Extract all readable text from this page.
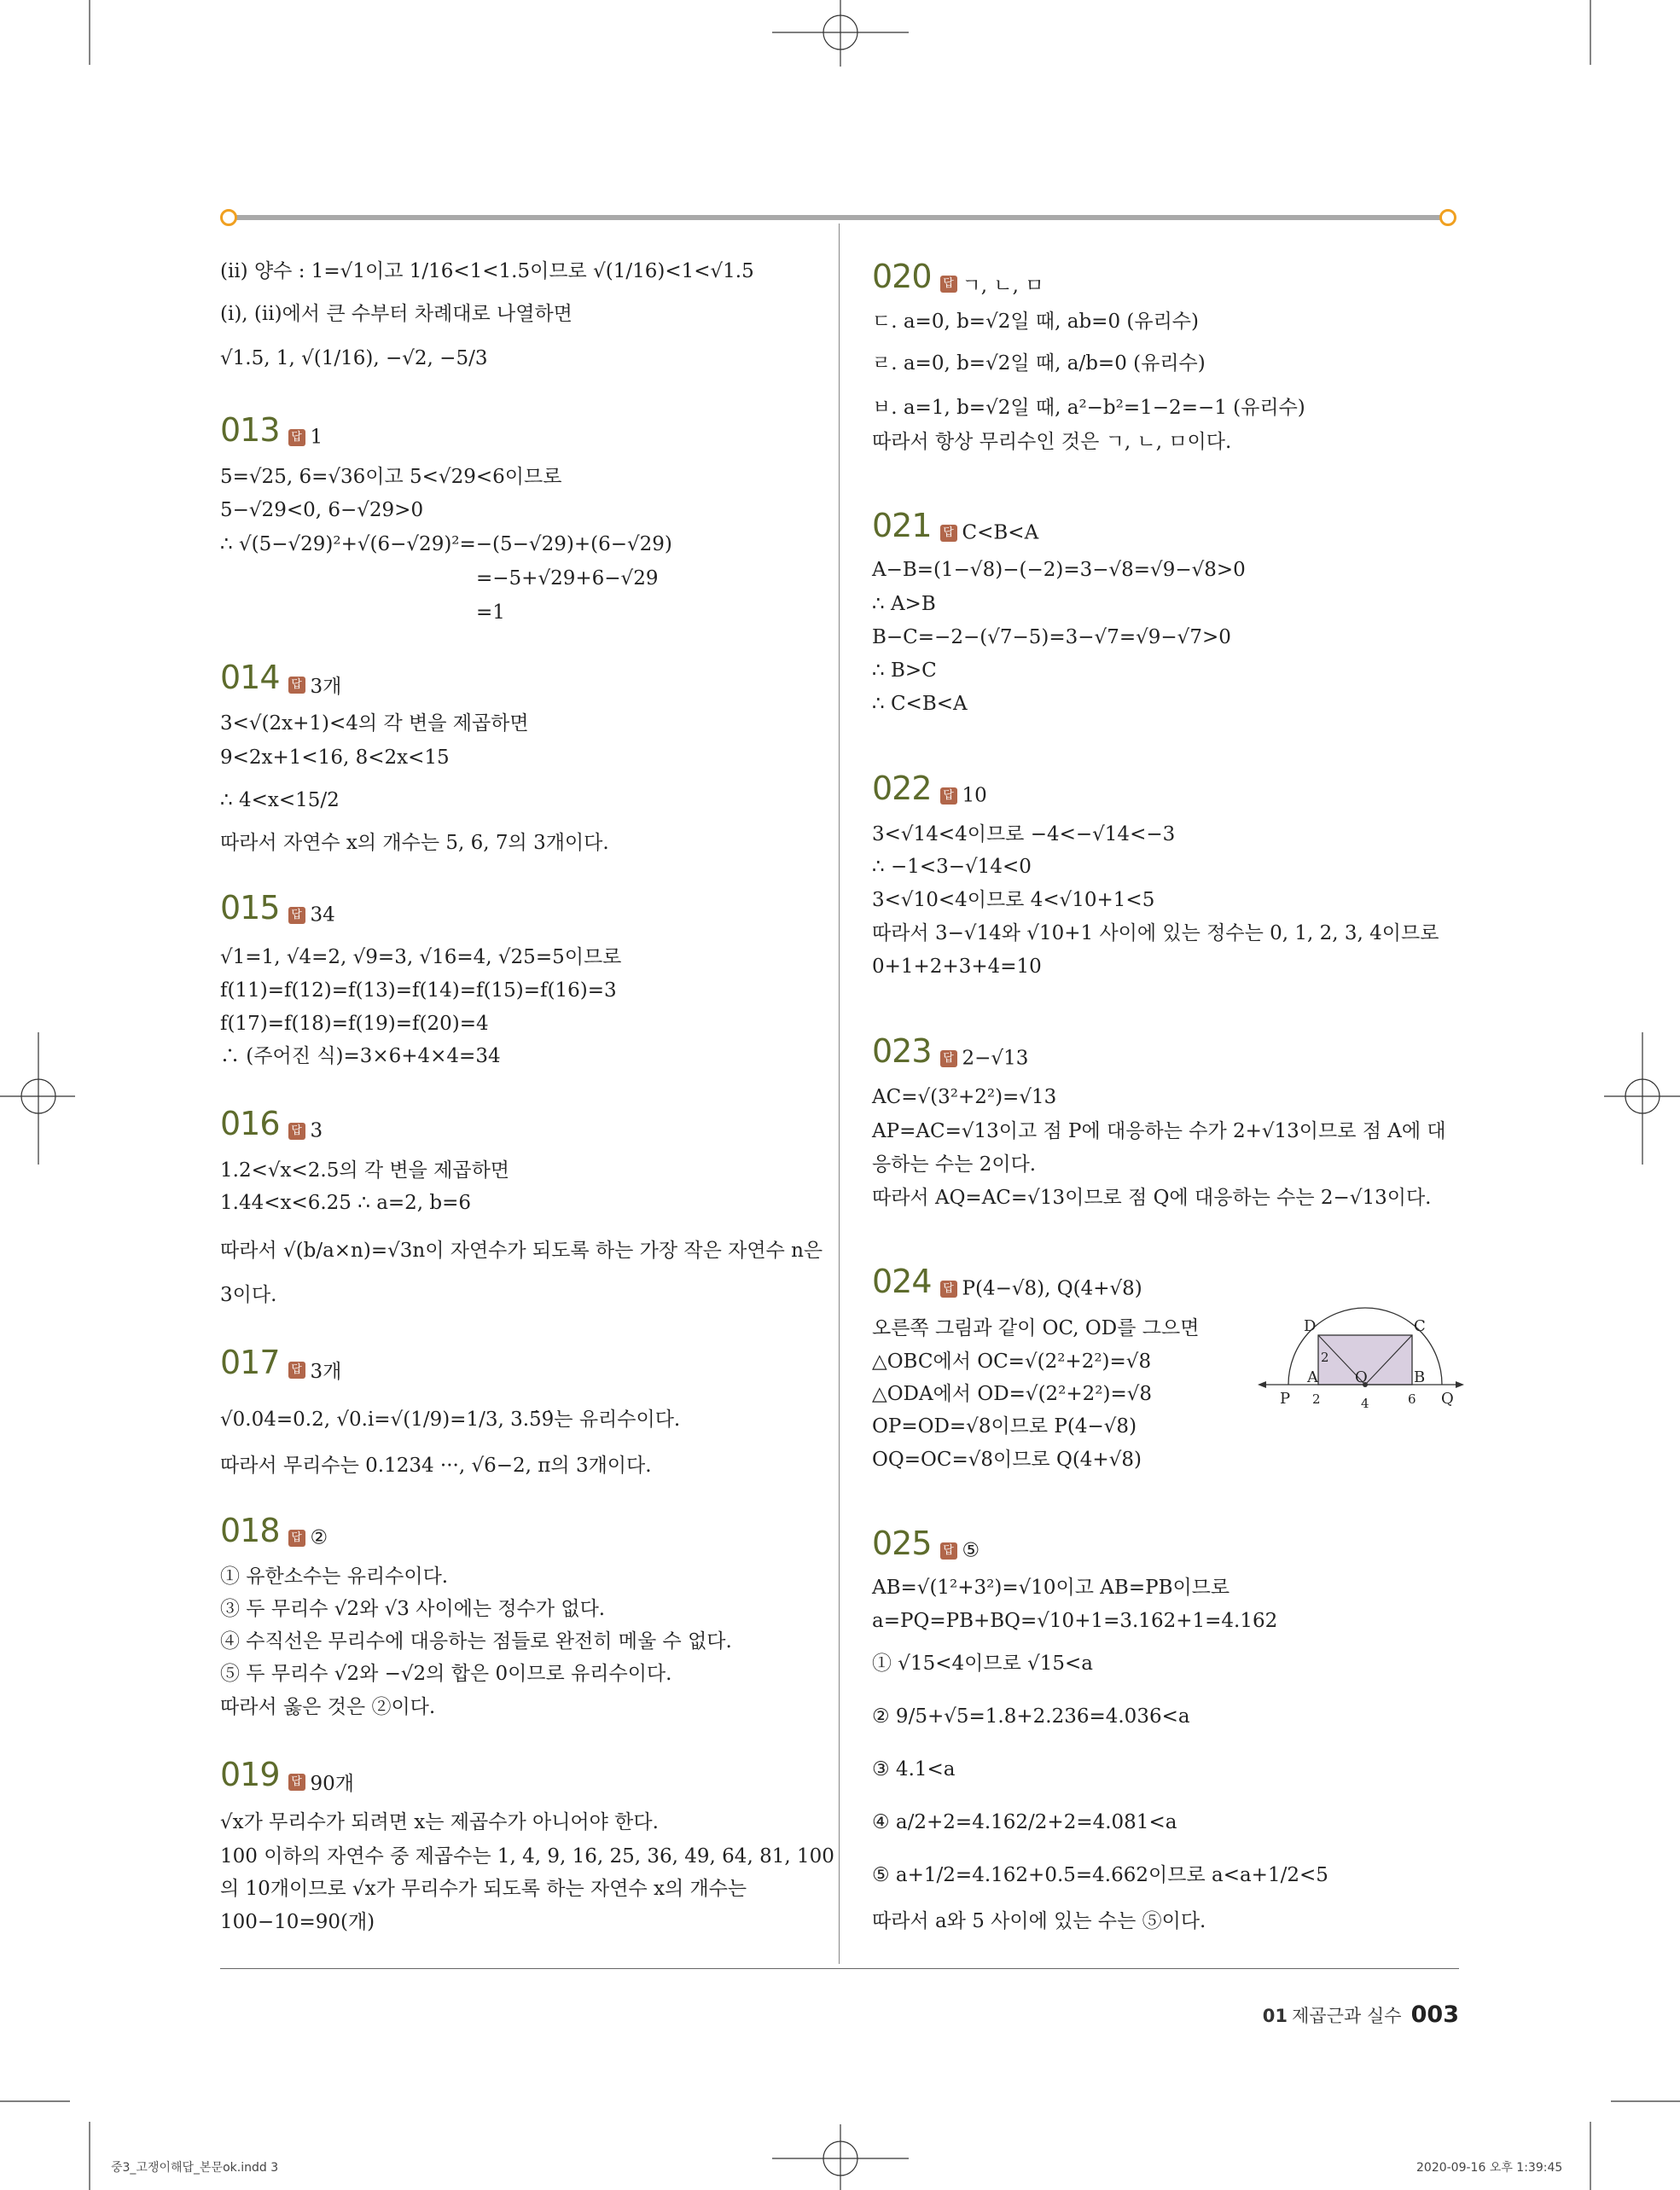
(ii) 양수 : 1=√1이고 1/16<1<1.5이므로 √(1/16)<1<√1.5
(i), (ii)에서 큰 수부터 차례대로 나열하면
√1.5, 1, √(1/16), −√2, −5/3
013 답 1
5=√25, 6=√36이고 5<√29<6이므로
5−√29<0, 6−√29>0
∴ √(5−√29)²+√(6−√29)²=−(5−√29)+(6−√29)
=−5+√29+6−√29
=1
014 답 3개
3<√(2x+1)<4의 각 변을 제곱하면
9<2x+1<16, 8<2x<15
∴ 4<x<15/2
따라서 자연수 x의 개수는 5, 6, 7의 3개이다.
015 답 34
√1=1, √4=2, √9=3, √16=4, √25=5이므로
f(11)=f(12)=f(13)=f(14)=f(15)=f(16)=3
f(17)=f(18)=f(19)=f(20)=4
∴ (주어진 식)=3×6+4×4=34
016 답 3
1.2<√x<2.5의 각 변을 제곱하면
1.44<x<6.25 ∴ a=2, b=6
따라서 √(b/a×n)=√3n이 자연수가 되도록 하는 가장 작은 자연수 n은
3이다.
017 답 3개
√0.04=0.2, √0.i=√(1/9)=1/3, 3.5̇9̇는 유리수이다.
따라서 무리수는 0.1234 ···, √6−2, π의 3개이다.
018 답 ②
① 유한소수는 유리수이다.
③ 두 무리수 √2와 √3 사이에는 정수가 없다.
④ 수직선은 무리수에 대응하는 점들로 완전히 메울 수 없다.
⑤ 두 무리수 √2와 −√2의 합은 0이므로 유리수이다.
따라서 옳은 것은 ②이다.
019 답 90개
√x가 무리수가 되려면 x는 제곱수가 아니어야 한다.
100 이하의 자연수 중 제곱수는 1, 4, 9, 16, 25, 36, 49, 64, 81, 100
의 10개이므로 √x가 무리수가 되도록 하는 자연수 x의 개수는
100−10=90(개)
020 답 ㄱ, ㄴ, ㅁ
ㄷ. a=0, b=√2일 때, ab=0 (유리수)
ㄹ. a=0, b=√2일 때, a/b=0 (유리수)
ㅂ. a=1, b=√2일 때, a²−b²=1−2=−1 (유리수)
따라서 항상 무리수인 것은 ㄱ, ㄴ, ㅁ이다.
021 답 C<B<A
A−B=(1−√8)−(−2)=3−√8=√9−√8>0
∴ A>B
B−C=−2−(√7−5)=3−√7=√9−√7>0
∴ B>C
∴ C<B<A
022 답 10
3<√14<4이므로 −4<−√14<−3
∴ −1<3−√14<0
3<√10<4이므로 4<√10+1<5
따라서 3−√14와 √10+1 사이에 있는 정수는 0, 1, 2, 3, 4이므로
0+1+2+3+4=10
023 답 2−√13
AC=√(3²+2²)=√13
AP=AC=√13이고 점 P에 대응하는 수가 2+√13이므로 점 A에 대
응하는 수는 2이다.
따라서 AQ=AC=√13이므로 점 Q에 대응하는 수는 2−√13이다.
024 답 P(4−√8), Q(4+√8)
오른쪽 그림과 같이 OC, OD를 그으면
△OBC에서 OC=√(2²+2²)=√8
△ODA에서 OD=√(2²+2²)=√8
OP=OD=√8이므로 P(4−√8)
OQ=OC=√8이므로 Q(4+√8)
D	C
A O	B
P	Q
2
2	4	6
025 답 ⑤
AB=√(1²+3²)=√10이고 AB=PB이므로
a=PQ=PB+BQ=√10+1=3.162+1=4.162
① √15<4이므로 √15<a
② 9/5+√5=1.8+2.236=4.036<a
③ 4.1<a
④ a/2+2=4.162/2+2=4.081<a
⑤ a+1/2=4.162+0.5=4.662이므로 a<a+1/2<5
따라서 a와 5 사이에 있는 수는 ⑤이다.
01 제곱근과 실수 003
중3_고쟁이해답_본문ok.indd 3	2020-09-16 오후 1:39:45
